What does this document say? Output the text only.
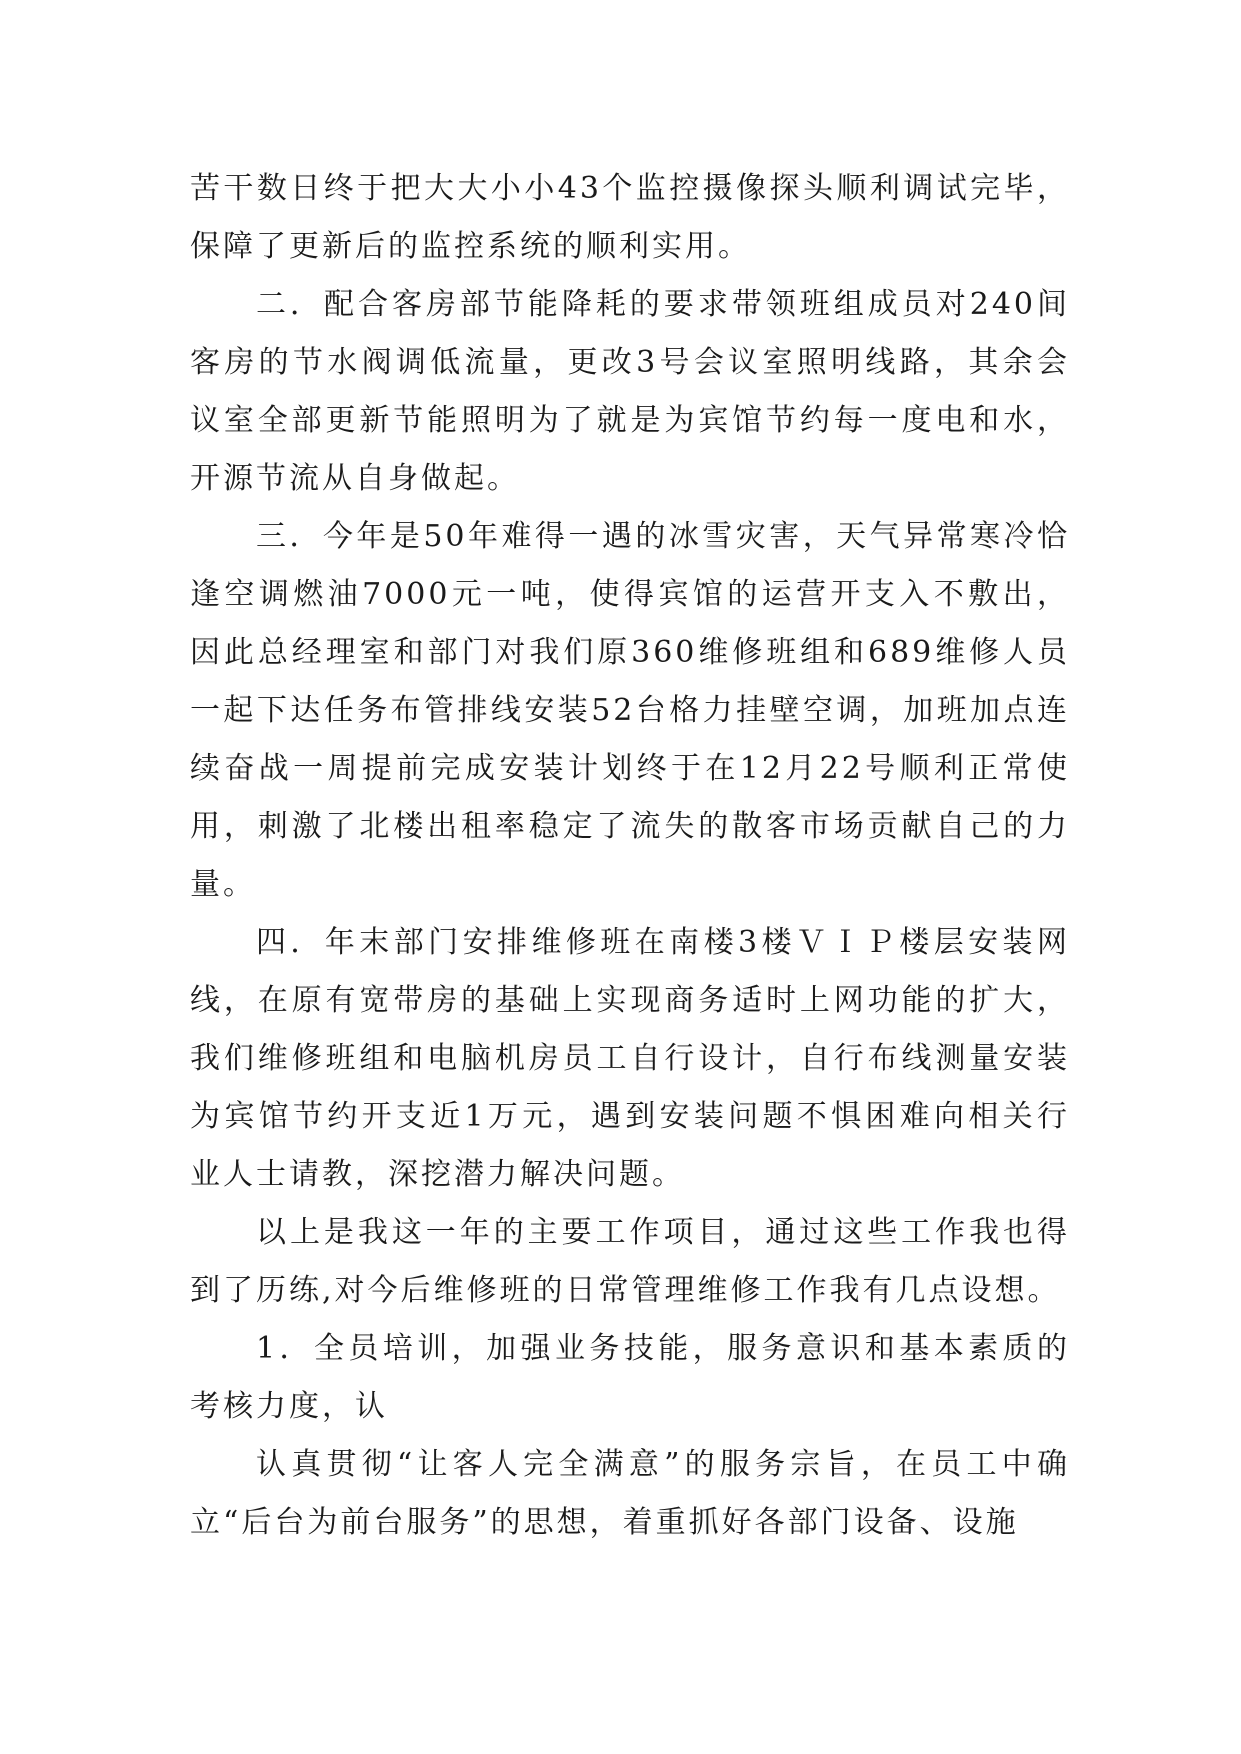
苦干数日终于把大大小小43个监控摄像探头顺利调试完毕，保障了更新后的监控系统的顺利实用。

二．配合客房部节能降耗的要求带领班组成员对240间客房的节水阀调低流量，更改3号会议室照明线路，其余会议室全部更新节能照明为了就是为宾馆节约每一度电和水，开源节流从自身做起。

三．今年是50年难得一遇的冰雪灾害，天气异常寒冷恰逢空调燃油7000元一吨，使得宾馆的运营开支入不敷出，因此总经理室和部门对我们原360维修班组和689维修人员一起下达任务布管排线安装52台格力挂壁空调，加班加点连续奋战一周提前完成安装计划终于在12月22号顺利正常使用，刺激了北楼出租率稳定了流失的散客市场贡献自己的力量。

四．年末部门安排维修班在南楼3楼ＶＩＰ楼层安装网线，在原有宽带房的基础上实现商务适时上网功能的扩大，我们维修班组和电脑机房员工自行设计，自行布线测量安装为宾馆节约开支近1万元，遇到安装问题不惧困难向相关行业人士请教，深挖潜力解决问题。

以上是我这一年的主要工作项目，通过这些工作我也得到了历练,对今后维修班的日常管理维修工作我有几点设想。

1．全员培训，加强业务技能，服务意识和基本素质的考核力度，认

认真贯彻“让客人完全满意”的服务宗旨，在员工中确立“后台为前台服务”的思想，着重抓好各部门设备、设施
